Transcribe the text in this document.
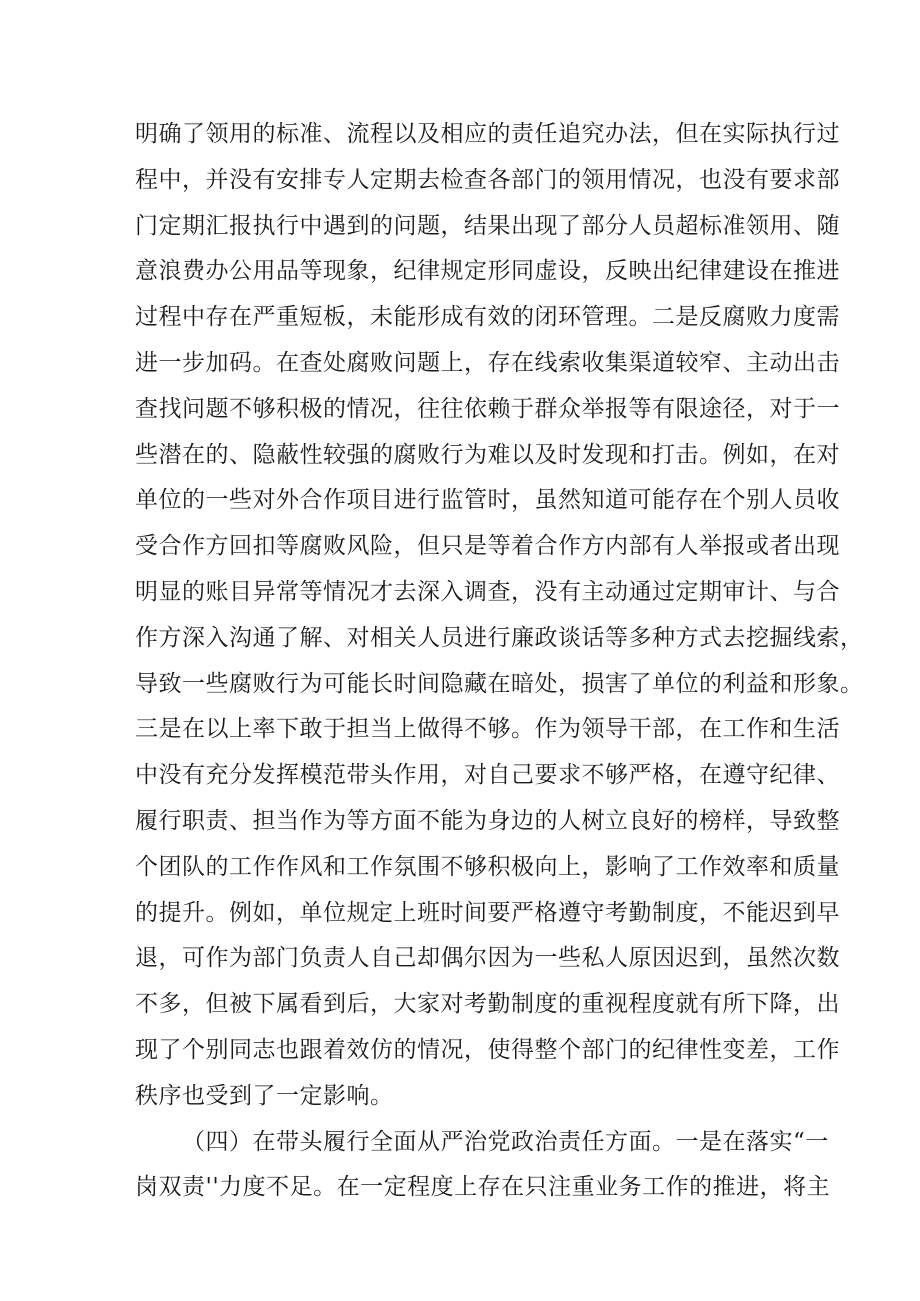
明确了领用的标准、流程以及相应的责任追究办法，但在实际执行过
程中，并没有安排专人定期去检查各部门的领用情况，也没有要求部
门定期汇报执行中遇到的问题，结果出现了部分人员超标准领用、随
意浪费办公用品等现象，纪律规定形同虚设，反映出纪律建设在推进
过程中存在严重短板，未能形成有效的闭环管理。二是反腐败力度需
进一步加码。在查处腐败问题上，存在线索收集渠道较窄、主动出击
查找问题不够积极的情况，往往依赖于群众举报等有限途径，对于一
些潜在的、隐蔽性较强的腐败行为难以及时发现和打击。例如，在对
单位的一些对外合作项目进行监管时，虽然知道可能存在个别人员收
受合作方回扣等腐败风险，但只是等着合作方内部有人举报或者出现
明显的账目异常等情况才去深入调查，没有主动通过定期审计、与合
作方深入沟通了解、对相关人员进行廉政谈话等多种方式去挖掘线索，
导致一些腐败行为可能长时间隐藏在暗处，损害了单位的利益和形象。
三是在以上率下敢于担当上做得不够。作为领导干部，在工作和生活
中没有充分发挥模范带头作用，对自己要求不够严格，在遵守纪律、
履行职责、担当作为等方面不能为身边的人树立良好的榜样，导致整
个团队的工作作风和工作氛围不够积极向上，影响了工作效率和质量
的提升。例如，单位规定上班时间要严格遵守考勤制度，不能迟到早
退，可作为部门负责人自己却偶尔因为一些私人原因迟到，虽然次数
不多，但被下属看到后，大家对考勤制度的重视程度就有所下降，出
现了个别同志也跟着效仿的情况，使得整个部门的纪律性变差，工作
秩序也受到了一定影响。
（四）在带头履行全面从严治党政治责任方面。一是在落实“一
岗双责''力度不足。在一定程度上存在只注重业务工作的推进，将主
